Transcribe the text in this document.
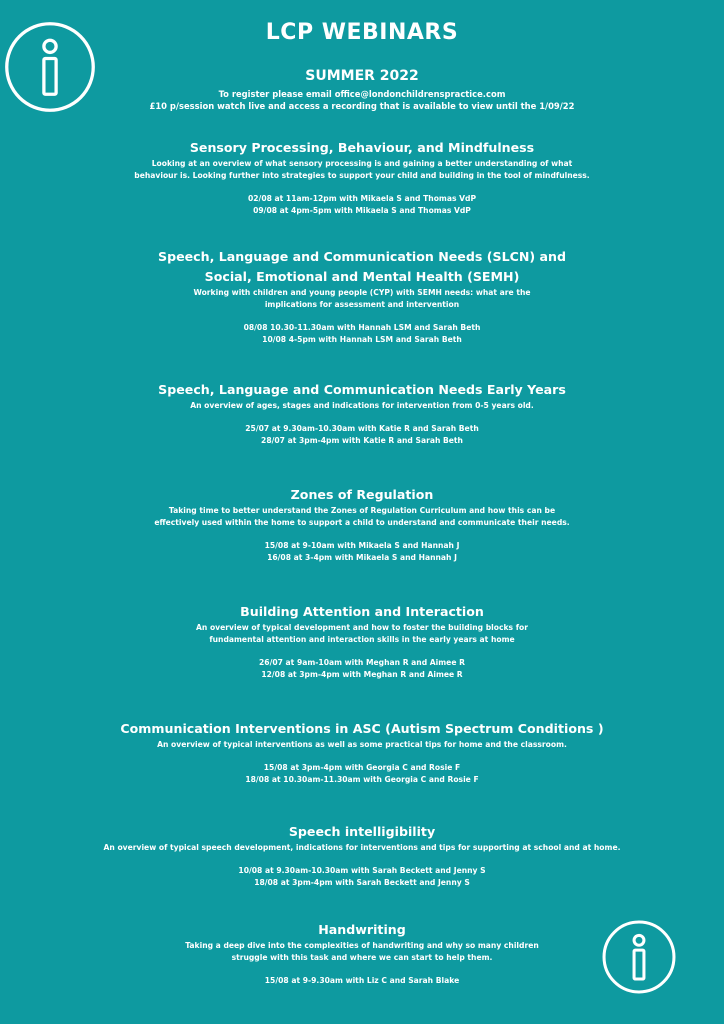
LCP WEBINARS
SUMMER 2022
To register please email office@londonchildrenspractice.com
£10 p/session watch live and access a recording that is available to view until the 1/09/22
Sensory Processing, Behaviour, and Mindfulness
Looking at an overview of what sensory processing is and gaining a better understanding of what
behaviour is. Looking further into strategies to support your child and building in the tool of mindfulness.
02/08 at 11am-12pm with Mikaela S and Thomas VdP
09/08 at 4pm-5pm with Mikaela S and Thomas VdP
Speech, Language and Communication Needs (SLCN) and
Social, Emotional and Mental Health (SEMH)
Working with children and young people (CYP) with SEMH needs: what are the
implications for assessment and intervention
08/08 10.30-11.30am with Hannah LSM and Sarah Beth
10/08 4-5pm with Hannah LSM and Sarah Beth
Speech, Language and Communication Needs Early Years
An overview of ages, stages and indications for intervention from 0-5 years old.
25/07 at 9.30am-10.30am with Katie R and Sarah Beth
28/07 at 3pm-4pm with Katie R and Sarah Beth
Zones of Regulation
Taking time to better understand the Zones of Regulation Curriculum and how this can be
effectively used within the home to support a child to understand and communicate their needs.
15/08 at 9-10am with Mikaela S and Hannah J
16/08 at 3-4pm with Mikaela S and Hannah J
Building Attention and Interaction
An overview of typical development and how to foster the building blocks for
fundamental attention and interaction skills in the early years at home
26/07 at 9am-10am with Meghan R and Aimee R
12/08 at 3pm-4pm with Meghan R and Aimee R
Communication Interventions in ASC (Autism Spectrum Conditions )
An overview of typical interventions as well as some practical tips for home and the classroom.
15/08 at 3pm-4pm with Georgia C and Rosie F
18/08 at 10.30am-11.30am with Georgia C and Rosie F
Speech intelligibility
An overview of typical speech development, indications for interventions and tips for supporting at school and at home.
10/08 at 9.30am-10.30am with Sarah Beckett and Jenny S
18/08 at 3pm-4pm with Sarah Beckett and Jenny S
Handwriting
Taking a deep dive into the complexities of handwriting and why so many children
struggle with this task and where we can start to help them.
15/08 at 9-9.30am with Liz C and Sarah Blake
